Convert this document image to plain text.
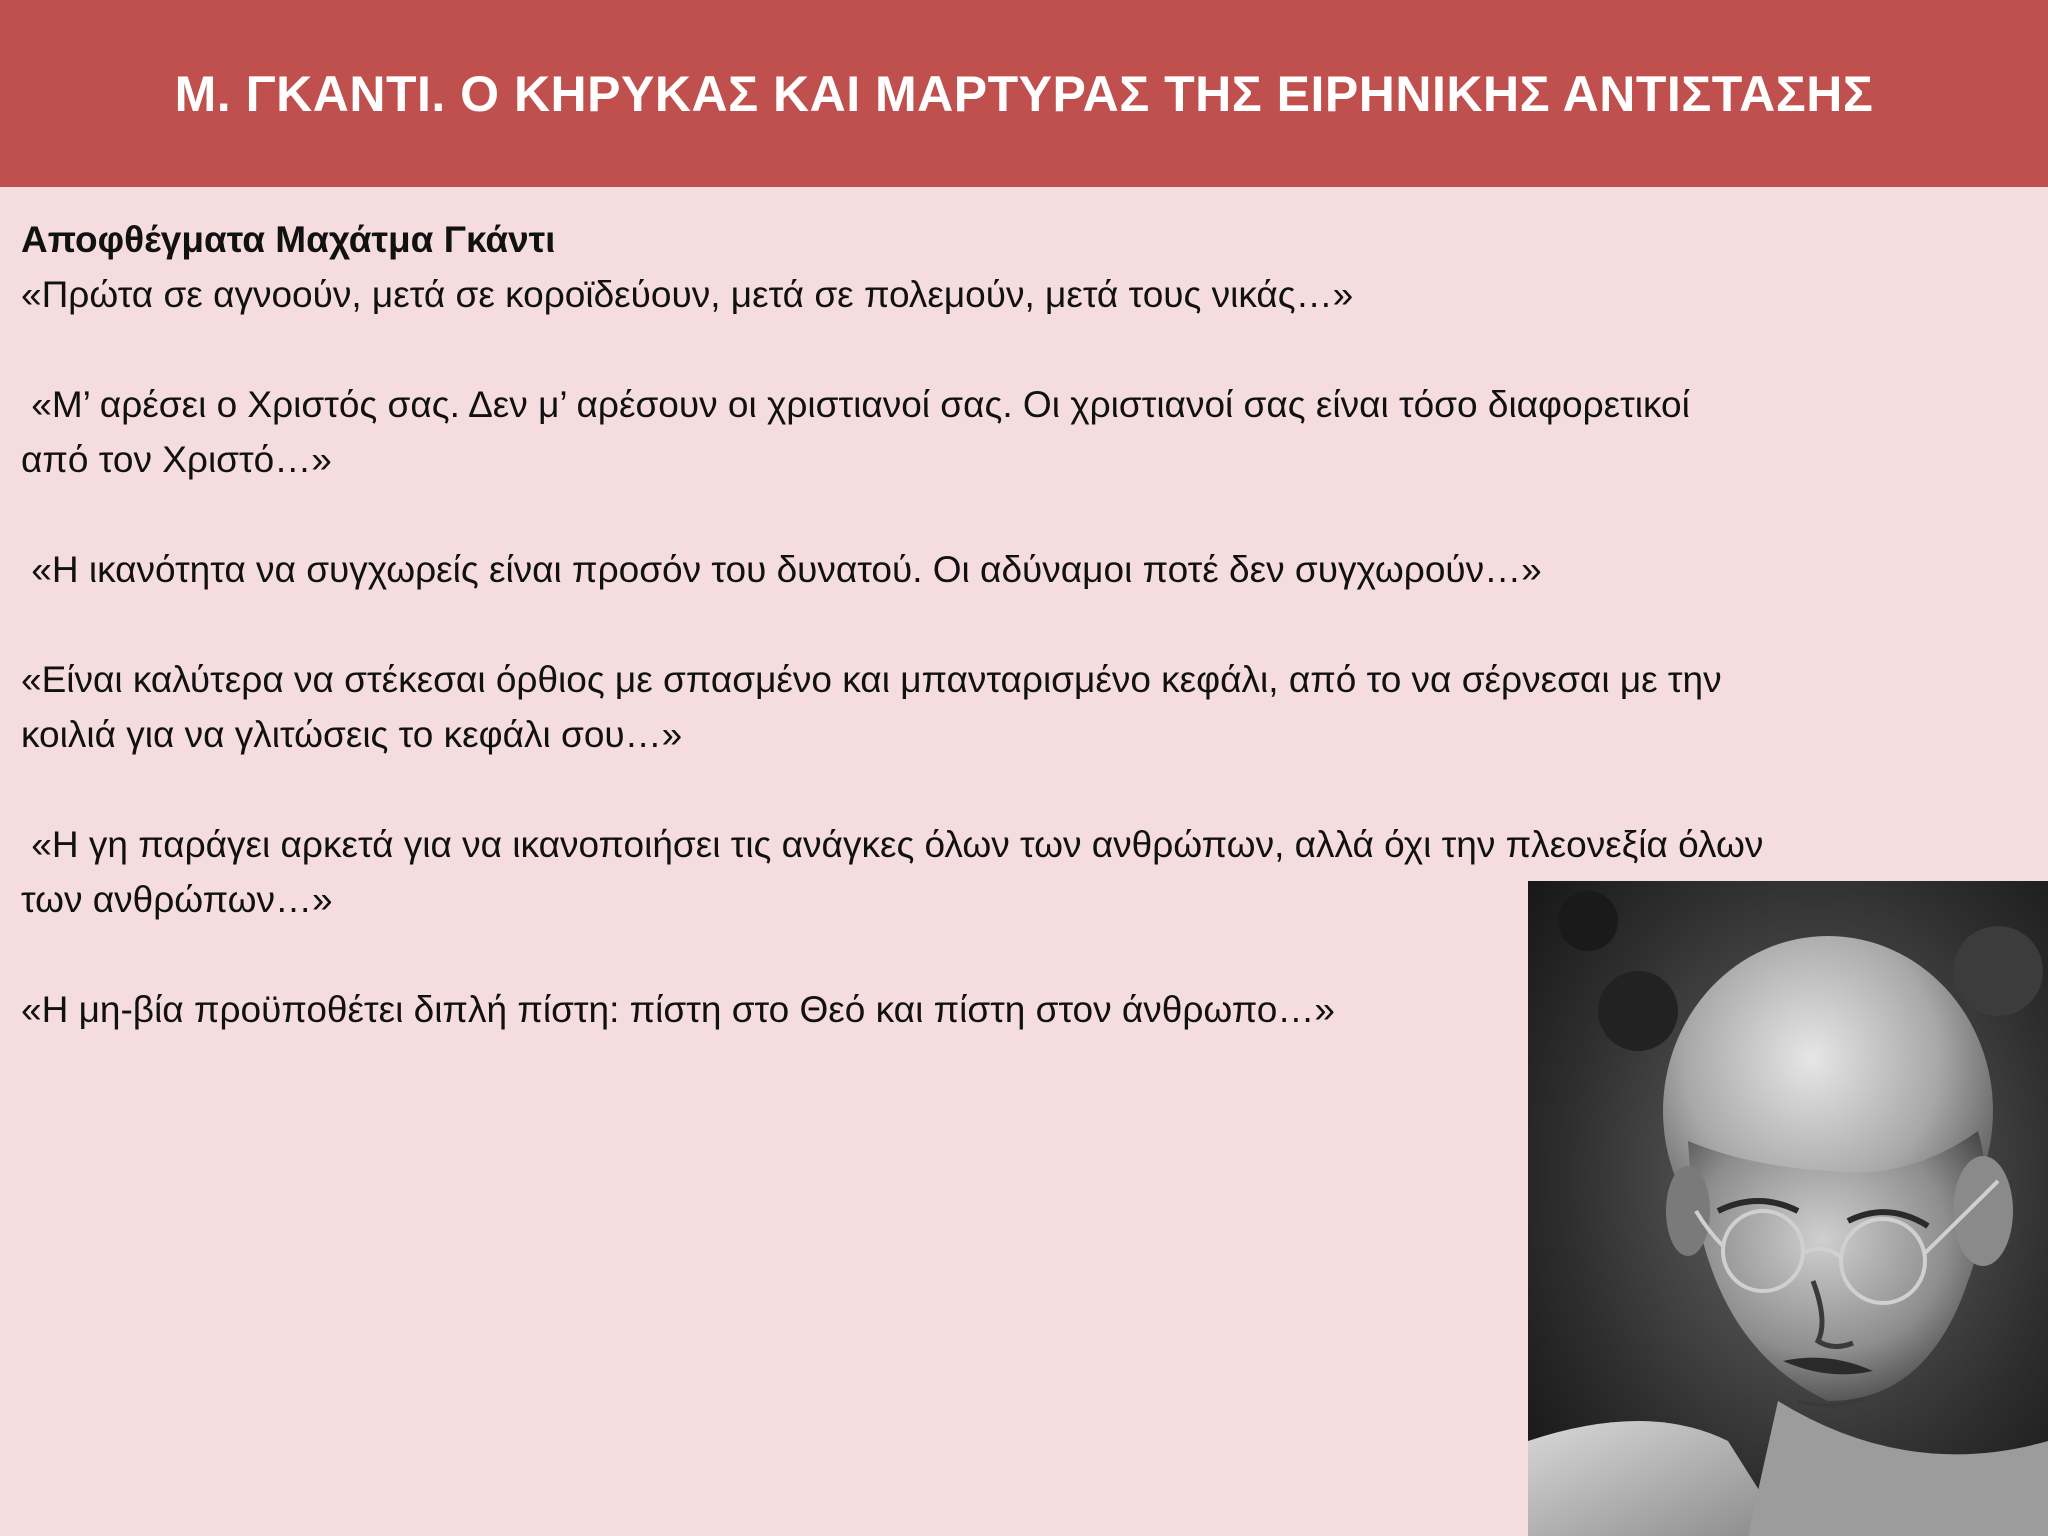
Μ. ΓΚΑΝΤΙ. Ο ΚΗΡΥΚΑΣ ΚΑΙ ΜΑΡΤΥΡΑΣ ΤΗΣ ΕΙΡΗΝΙΚΗΣ ΑΝΤΙΣΤΑΣΗΣ

Αποφθέγματα Μαχάτμα Γκάντι

«Πρώτα σε αγνοούν, μετά σε κοροϊδεύουν, μετά σε πολεμούν, μετά τους νικάς…»

«Μ’ αρέσει ο Χριστός σας. Δεν μ’ αρέσουν οι χριστιανοί σας. Οι χριστιανοί σας είναι τόσο διαφορετικοί

από τον Χριστό…»

«Η ικανότητα να συγχωρείς είναι προσόν του δυνατού. Οι αδύναμοι ποτέ δεν συγχωρούν…»

«Είναι καλύτερα να στέκεσαι όρθιος με σπασμένο και μπανταρισμένο κεφάλι, από το να σέρνεσαι με την

κοιλιά για να γλιτώσεις το κεφάλι σου…»

«Η γη παράγει αρκετά για να ικανοποιήσει τις ανάγκες όλων των ανθρώπων, αλλά όχι την πλεονεξία όλων

των ανθρώπων…»

«Η μη-βία προϋποθέτει διπλή πίστη: πίστη στο Θεό και πίστη στον άνθρωπο…»
